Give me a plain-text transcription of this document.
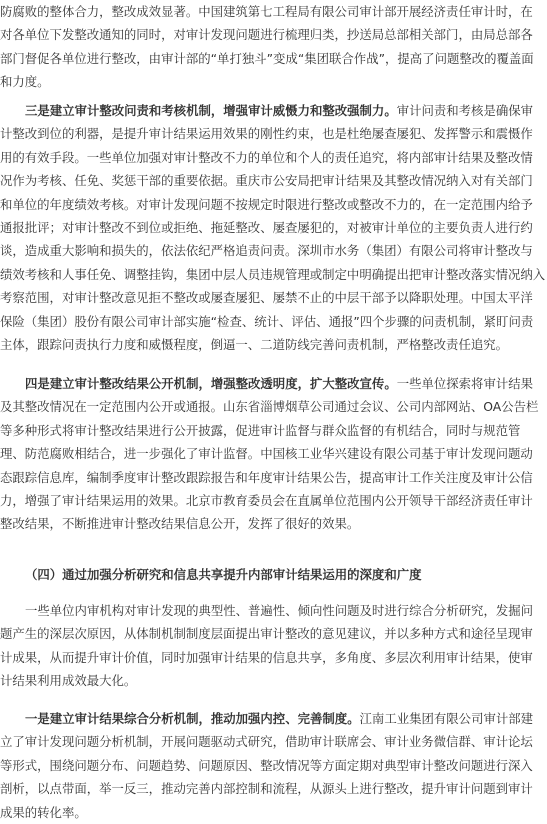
防腐败的整体合力，整改成效显著。中国建筑第七工程局有限公司审计部开展经济责任审计时，在
对各单位下发整改通知的同时，对审计发现问题进行梳理归类，抄送局总部相关部门，由局总部各
部门督促各单位进行整改，由审计部的“单打独斗”变成“集团联合作战”，提高了问题整改的覆盖面
和力度。
三是建立审计整改问责和考核机制，增强审计威慑力和整改强制力。审计问责和考核是确保审
计整改到位的利器，是提升审计结果运用效果的刚性约束，也是杜绝屡查屡犯、发挥警示和震慑作
用的有效手段。一些单位加强对审计整改不力的单位和个人的责任追究，将内部审计结果及整改情
况作为考核、任免、奖惩干部的重要依据。重庆市公安局把审计结果及其整改情况纳入对有关部门
和单位的年度绩效考核。对审计发现问题不按规定时限进行整改或整改不力的，在一定范围内给予
通报批评；对审计整改不到位或拒绝、拖延整改、屡查屡犯的，对被审计单位的主要负责人进行约
谈，造成重大影响和损失的，依法依纪严格追责问责。深圳市水务（集团）有限公司将审计整改与
绩效考核和人事任免、调整挂钩，集团中层人员违规管理或制定中明确提出把审计整改落实情况纳入
考察范围，对审计整改意见拒不整改或屡查屡犯、屡禁不止的中层干部予以降职处理。中国太平洋
保险（集团）股份有限公司审计部实施“检查、统计、评估、通报”四个步骤的问责机制，紧盯问责
主体，跟踪问责执行力度和威慑程度，倒逼一、二道防线完善问责机制，严格整改责任追究。
四是建立审计整改结果公开机制，增强整改透明度，扩大整改宣传。一些单位探索将审计结果
及其整改情况在一定范围内公开或通报。山东省淄博烟草公司通过会议、公司内部网站、OA公告栏
等多种形式将审计整改结果进行公开披露，促进审计监督与群众监督的有机结合，同时与规范管
理、防范腐败相结合，进一步强化了审计监督。中国核工业华兴建设有限公司基于审计发现问题动
态跟踪信息库，编制季度审计整改跟踪报告和年度审计结果公告，提高审计工作关注度及审计公信
力，增强了审计结果运用的效果。北京市教育委员会在直属单位范围内公开领导干部经济责任审计
整改结果，不断推进审计整改结果信息公开，发挥了很好的效果。
（四）通过加强分析研究和信息共享提升内部审计结果运用的深度和广度
一些单位内审机构对审计发现的典型性、普遍性、倾向性问题及时进行综合分析研究，发掘问
题产生的深层次原因，从体制机制制度层面提出审计整改的意见建议，并以多种方式和途径呈现审
计成果，从而提升审计价值，同时加强审计结果的信息共享，多角度、多层次利用审计结果，使审
计结果利用成效最大化。
一是建立审计结果综合分析机制，推动加强内控、完善制度。江南工业集团有限公司审计部建
立了审计发现问题分析机制，开展问题驱动式研究，借助审计联席会、审计业务微信群、审计论坛
等形式，围绕问题分布、问题趋势、问题原因、整改情况等方面定期对典型审计整改问题进行深入
剖析，以点带面，举一反三，推动完善内部控制和流程，从源头上进行整改，提升审计问题到审计
成果的转化率。
